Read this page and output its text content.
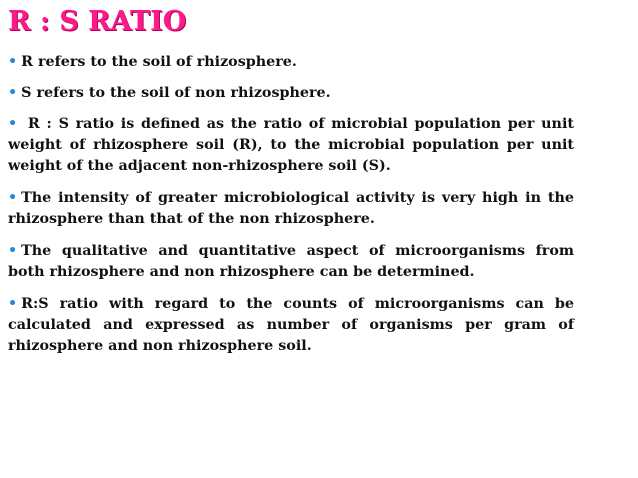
R : S RATIO
• R refers to the soil of rhizosphere.
• S refers to the soil of non rhizosphere.
• R : S ratio is defined as the ratio of microbial population per unit weight of rhizosphere soil (R), to the microbial population per unit weight of the adjacent non-rhizosphere soil (S).
• The intensity of greater microbiological activity is very high in the rhizosphere than that of the non rhizosphere.
• The qualitative and quantitative aspect of microorganisms from both rhizosphere and non rhizosphere can be determined.
• R:S ratio with regard to the counts of microorganisms can be calculated and expressed as number of organisms per gram of rhizosphere and non rhizosphere soil.
